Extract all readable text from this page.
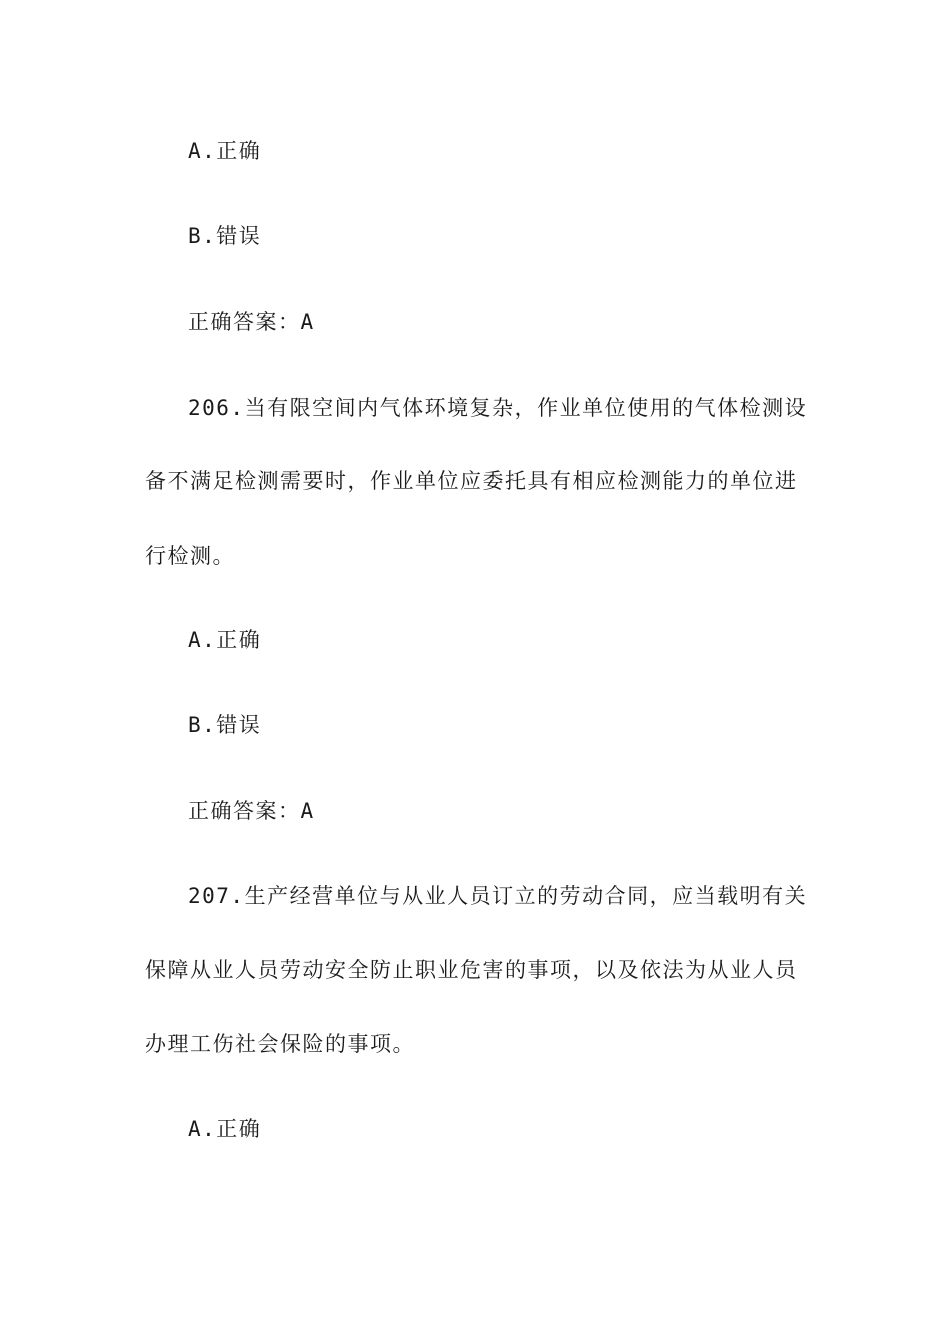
A.正确
B.错误
正确答案：A
206.当有限空间内气体环境复杂，作业单位使用的气体检测设
备不满足检测需要时，作业单位应委托具有相应检测能力的单位进
行检测。
A.正确
B.错误
正确答案：A
207.生产经营单位与从业人员订立的劳动合同，应当载明有关
保障从业人员劳动安全防止职业危害的事项，以及依法为从业人员
办理工伤社会保险的事项。
A.正确
